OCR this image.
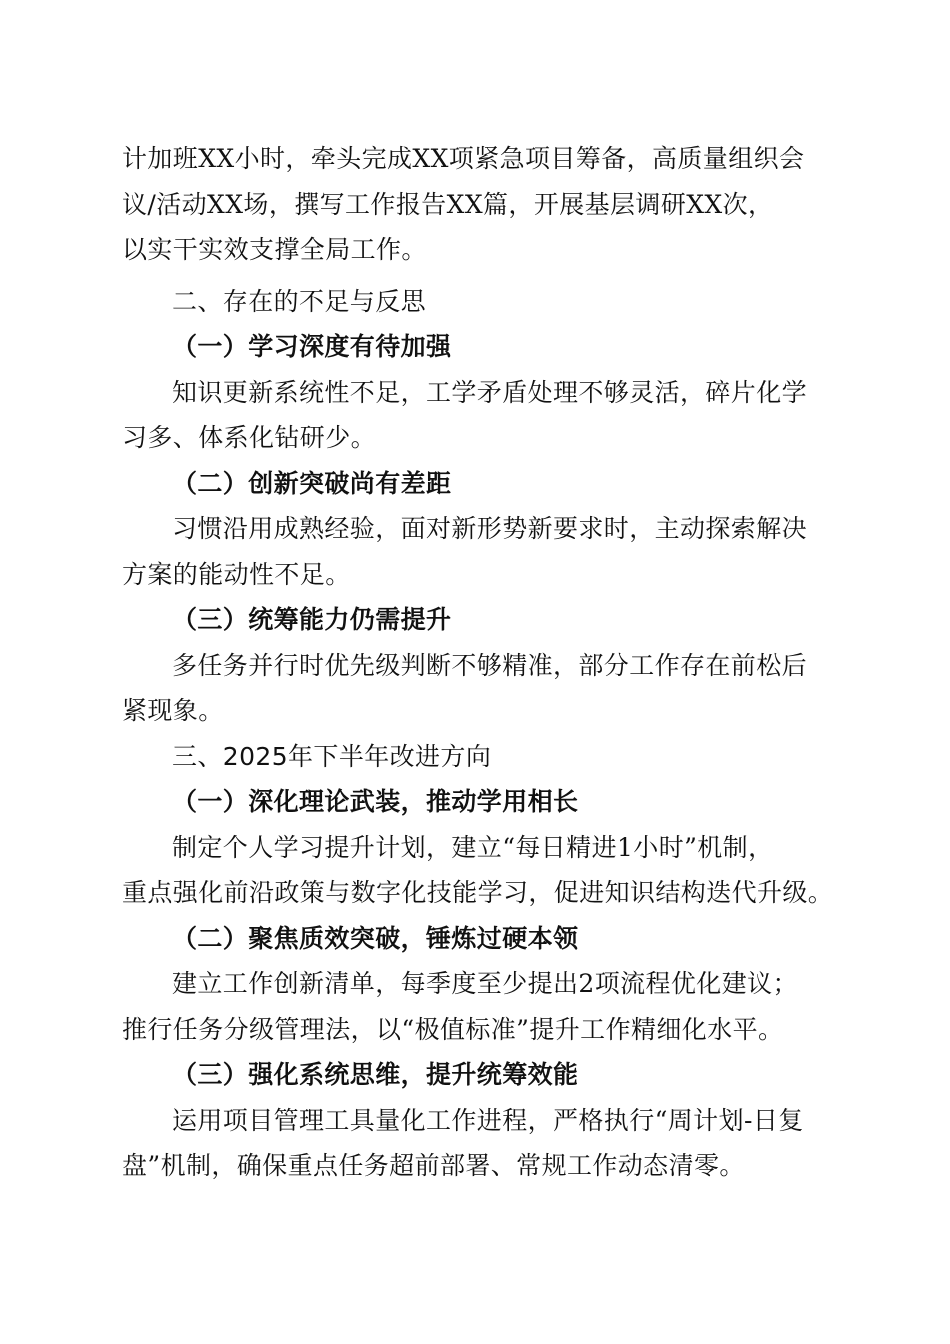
计加班XX小时，牵头完成XX项紧急项目筹备，高质量组织会
议/活动XX场，撰写工作报告XX篇，开展基层调研XX次，
以实干实效支撑全局工作。
二、存在的不足与反思
（一）学习深度有待加强
知识更新系统性不足，工学矛盾处理不够灵活，碎片化学
习多、体系化钻研少。
（二）创新突破尚有差距
习惯沿用成熟经验，面对新形势新要求时，主动探索解决
方案的能动性不足。
（三）统筹能力仍需提升
多任务并行时优先级判断不够精准，部分工作存在前松后
紧现象。
三、2025年下半年改进方向
（一）深化理论武装，推动学用相长
制定个人学习提升计划，建立“每日精进1小时”机制，
重点强化前沿政策与数字化技能学习，促进知识结构迭代升级。
（二）聚焦质效突破，锤炼过硬本领
建立工作创新清单，每季度至少提出2项流程优化建议；
推行任务分级管理法，以“极值标准”提升工作精细化水平。
（三）强化系统思维，提升统筹效能
运用项目管理工具量化工作进程，严格执行“周计划-日复
盘”机制，确保重点任务超前部署、常规工作动态清零。
